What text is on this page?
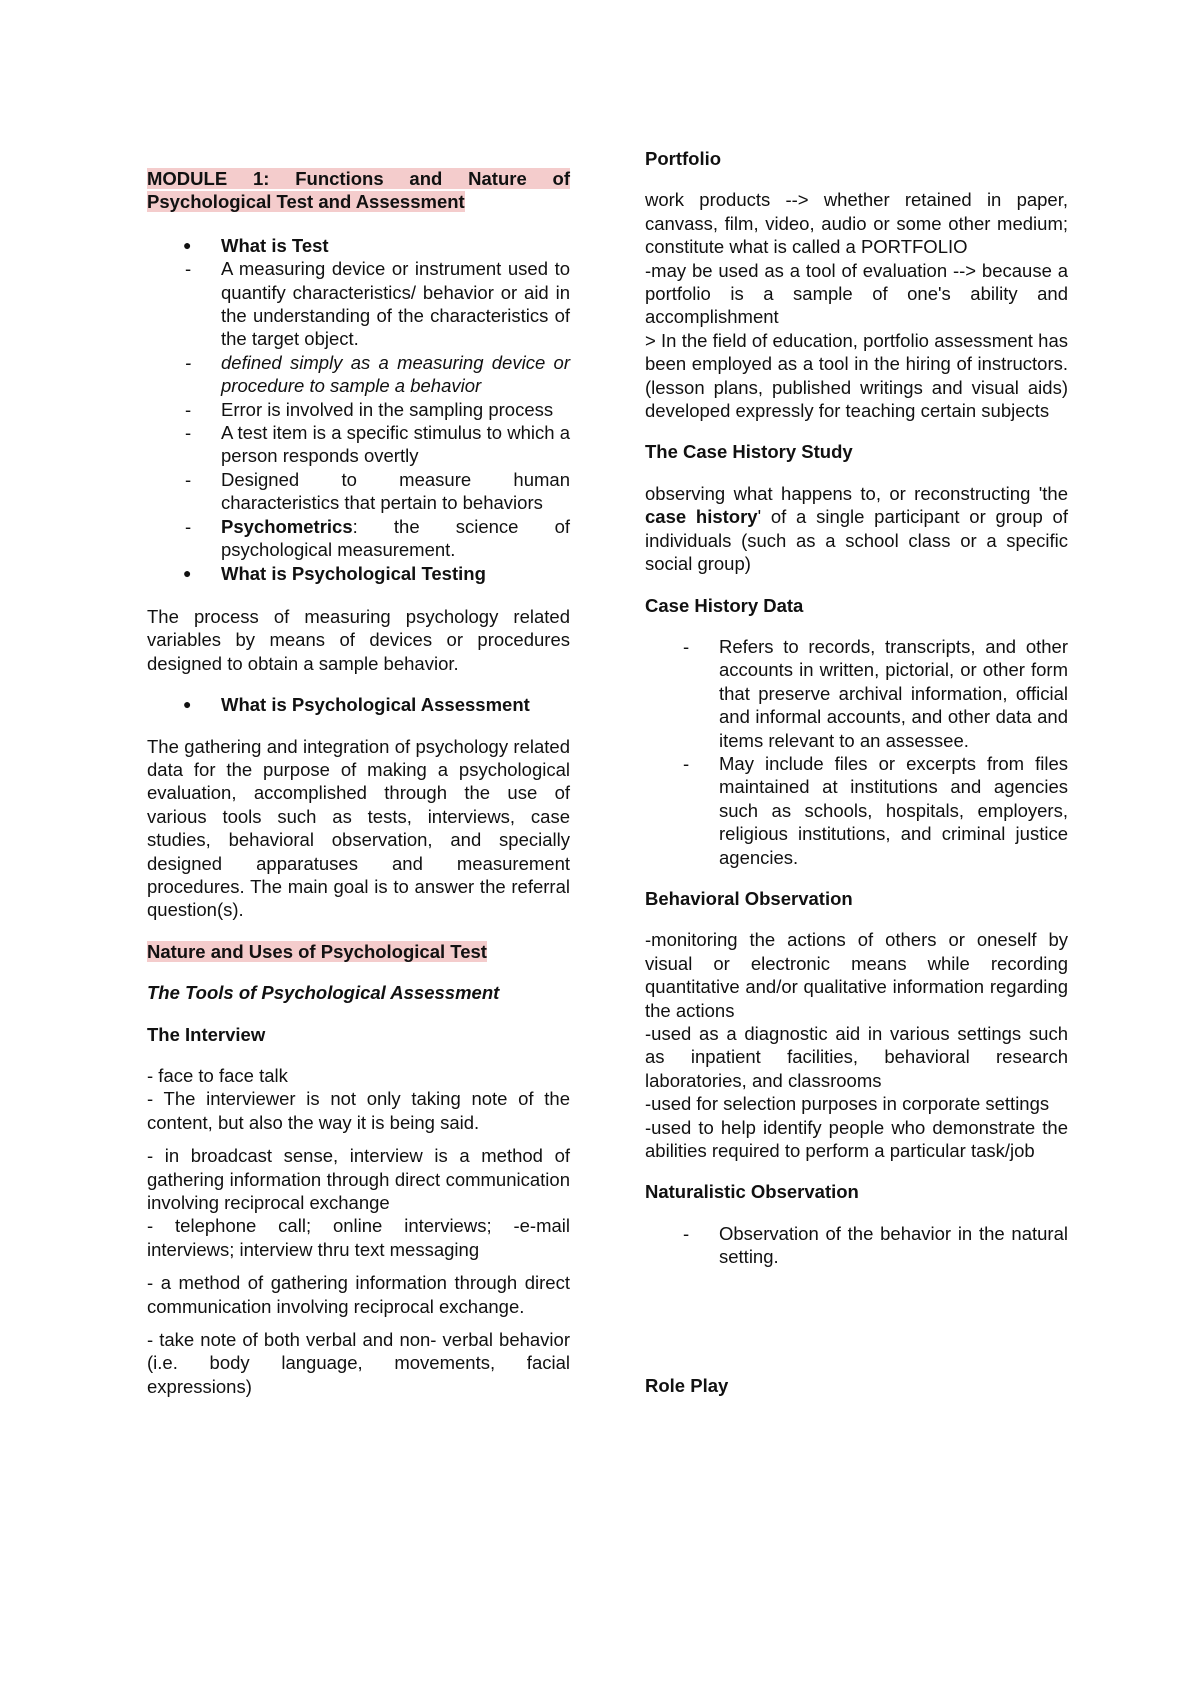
MODULE 1: Functions and Nature of Psychological Test and Assessment

● What is Test
- A measuring device or instrument used to quantify characteristics/ behavior or aid in the understanding of the characteristics of the target object.
- defined simply as a measuring device or procedure to sample a behavior
- Error is involved in the sampling process
- A test item is a specific stimulus to which a person responds overtly
- Designed to measure human characteristics that pertain to behaviors
- Psychometrics: the science of psychological measurement.
● What is Psychological Testing

The process of measuring psychology related variables by means of devices or procedures designed to obtain a sample behavior.

● What is Psychological Assessment

The gathering and integration of psychology related data for the purpose of making a psychological evaluation, accomplished through the use of various tools such as tests, interviews, case studies, behavioral observation, and specially designed apparatuses and measurement procedures. The main goal is to answer the referral question(s).

Nature and Uses of Psychological Test

The Tools of Psychological Assessment

The Interview

- face to face talk

- The interviewer is not only taking note of the content, but also the way it is being said.

- in broadcast sense, interview is a method of gathering information through direct communication involving reciprocal exchange

- telephone call; online interviews; -e-mail interviews; interview thru text messaging

- a method of gathering information through direct communication involving reciprocal exchange.

- take note of both verbal and non- verbal behavior (i.e. body language, movements, facial expressions)

Portfolio

work products --> whether retained in paper, canvass, film, video, audio or some other medium; constitute what is called a PORTFOLIO

-may be used as a tool of evaluation --> because a portfolio is a sample of one's ability and accomplishment

> In the field of education, portfolio assessment has been employed as a tool in the hiring of instructors. (lesson plans, published writings and visual aids) developed expressly for teaching certain subjects

The Case History Study

observing what happens to, or reconstructing 'the case history' of a single participant or group of individuals (such as a school class or a specific social group)

Case History Data

- Refers to records, transcripts, and other accounts in written, pictorial, or other form that preserve archival information, official and informal accounts, and other data and items relevant to an assessee.
- May include files or excerpts from files maintained at institutions and agencies such as schools, hospitals, employers, religious institutions, and criminal justice agencies.

Behavioral Observation

-monitoring the actions of others or oneself by visual or electronic means while recording quantitative and/or qualitative information regarding the actions

-used as a diagnostic aid in various settings such as inpatient facilities, behavioral research laboratories, and classrooms

-used for selection purposes in corporate settings

-used to help identify people who demonstrate the abilities required to perform a particular task/job

Naturalistic Observation

- Observation of the behavior in the natural setting.

Role Play
